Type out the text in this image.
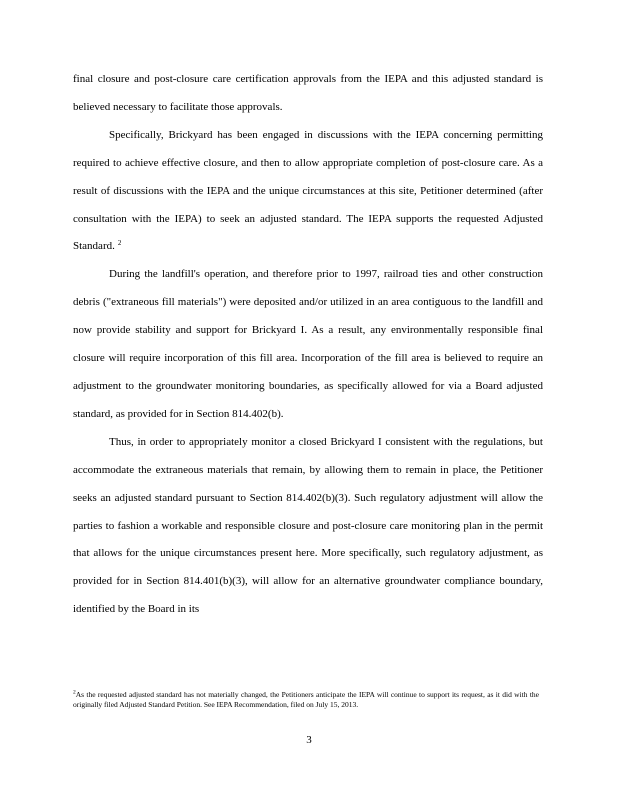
final closure and post-closure care certification approvals from the IEPA and this adjusted standard is believed necessary to facilitate those approvals.

Specifically, Brickyard has been engaged in discussions with the IEPA concerning permitting required to achieve effective closure, and then to allow appropriate completion of post-closure care. As a result of discussions with the IEPA and the unique circumstances at this site, Petitioner determined (after consultation with the IEPA) to seek an adjusted standard. The IEPA supports the requested Adjusted Standard. $^2$

During the landfill's operation, and therefore prior to 1997, railroad ties and other construction debris ("extraneous fill materials") were deposited and/or utilized in an area contiguous to the landfill and now provide stability and support for Brickyard I. As a result, any environmentally responsible final closure will require incorporation of this fill area. Incorporation of the fill area is believed to require an adjustment to the groundwater monitoring boundaries, as specifically allowed for via a Board adjusted standard, as provided for in Section 814.402(b).

Thus, in order to appropriately monitor a closed Brickyard I consistent with the regulations, but accommodate the extraneous materials that remain, by allowing them to remain in place, the Petitioner seeks an adjusted standard pursuant to Section 814.402(b)(3). Such regulatory adjustment will allow the parties to fashion a workable and responsible closure and post-closure care monitoring plan in the permit that allows for the unique circumstances present here. More specifically, such regulatory adjustment, as provided for in Section 814.401(b)(3), will allow for an alternative groundwater compliance boundary, identified by the Board in its

$^2$As the requested adjusted standard has not materially changed, the Petitioners anticipate the IEPA will continue to support its request, as it did with the originally filed Adjusted Standard Petition. See IEPA Recommendation, filed on July 15, 2013.
3
